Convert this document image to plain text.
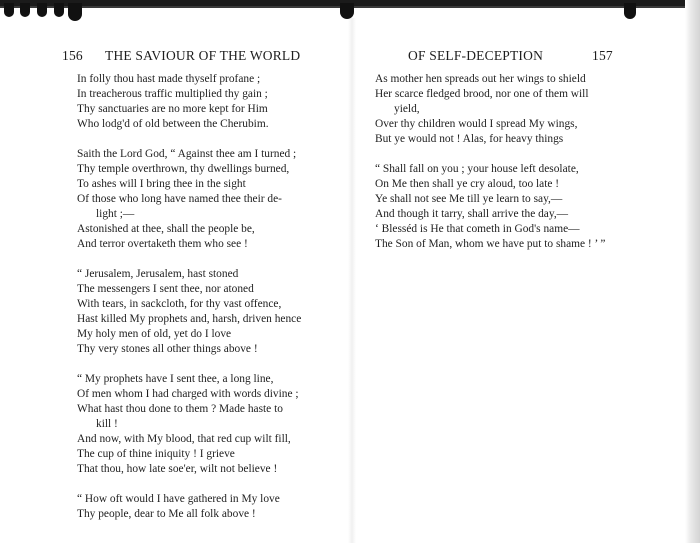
156 THE SAVIOUR OF THE WORLD
In folly thou hast made thyself profane ;
In treacherous traffic multiplied thy gain ;
Thy sanctuaries are no more kept for Him
Who lodg'd of old between the Cherubim.
Saith the Lord God, “ Against thee am I turned ;
Thy temple overthrown, thy dwellings burned,
To ashes will I bring thee in the sight
Of those who long have named thee their de-
light ;—
Astonished at thee, shall the people be,
And terror overtaketh them who see !
“ Jerusalem, Jerusalem, hast stoned
The messengers I sent thee, nor atoned
With tears, in sackcloth, for thy vast offence,
Hast killed My prophets and, harsh, driven hence
My holy men of old, yet do I love
Thy very stones all other things above !
“ My prophets have I sent thee, a long line,
Of men whom I had charged with words divine ;
What hast thou done to them ? Made haste to
kill !
And now, with My blood, that red cup wilt fill,
The cup of thine iniquity ! I grieve
That thou, how late soe'er, wilt not believe !
“ How oft would I have gathered in My love
Thy people, dear to Me all folk above !
OF SELF-DECEPTION	157
As mother hen spreads out her wings to shield
Her scarce fledged brood, nor one of them will
yield,
Over thy children would I spread My wings,
But ye would not ! Alas, for heavy things
“ Shall fall on you ; your house left desolate,
On Me then shall ye cry aloud, too late !
Ye shall not see Me till ye learn to say,—
And though it tarry, shall arrive the day,—
‘ Blesséd is He that cometh in God's name—
The Son of Man, whom we have put to shame ! ’ ”
